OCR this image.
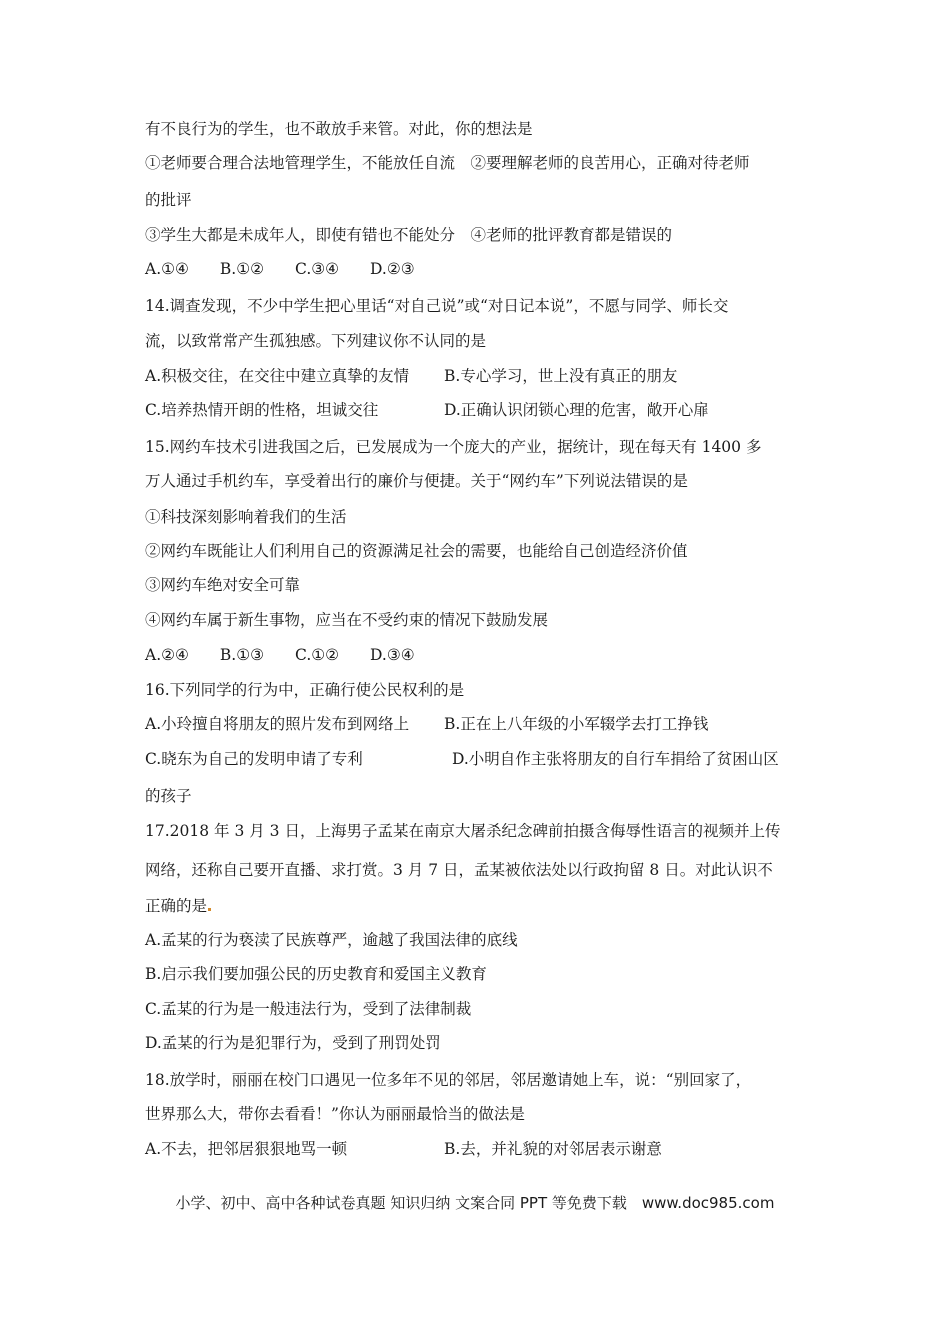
有不良行为的学生，也不敢放手来管。对此，你的想法是
①老师要合理合法地管理学生，不能放任自流　②要理解老师的良苦用心，正确对待老师
的批评
③学生大都是未成年人，即使有错也不能处分　④老师的批评教育都是错误的
A.①④　　B.①②　　C.③④　　D.②③
14.调查发现，不少中学生把心里话“对自己说”或“对日记本说”，不愿与同学、师长交
流，以致常常产生孤独感。下列建议你不认同的是
A.积极交往，在交往中建立真挚的友情 B.专心学习，世上没有真正的朋友
C.培养热情开朗的性格，坦诚交往	D.正确认识闭锁心理的危害，敞开心扉
15.网约车技术引进我国之后，已发展成为一个庞大的产业，据统计，现在每天有 1400 多
万人通过手机约车，享受着出行的廉价与便捷。关于“网约车”下列说法错误的是
①科技深刻影响着我们的生活
②网约车既能让人们利用自己的资源满足社会的需要，也能给自己创造经济价值
③网约车绝对安全可靠
④网约车属于新生事物，应当在不受约束的情况下鼓励发展
A.②④　　B.①③　　C.①②　　D.③④
16.下列同学的行为中，正确行使公民权利的是
A.小玲擅自将朋友的照片发布到网络上 B.正在上八年级的小军辍学去打工挣钱
C.晓东为自己的发明申请了专利	D.小明自作主张将朋友的自行车捐给了贫困山区
的孩子
17.2018 年 3 月 3 日，上海男子孟某在南京大屠杀纪念碑前拍摄含侮辱性语言的视频并上传
网络，还称自己要开直播、求打赏。3 月 7 日，孟某被依法处以行政拘留 8 日。对此认识不
正确的是
A.孟某的行为亵渎了民族尊严，逾越了我国法律的底线
B.启示我们要加强公民的历史教育和爱国主义教育
C.孟某的行为是一般违法行为，受到了法律制裁
D.孟某的行为是犯罪行为，受到了刑罚处罚
18.放学时，丽丽在校门口遇见一位多年不见的邻居，邻居邀请她上车，说：“别回家了，
世界那么大，带你去看看！”你认为丽丽最恰当的做法是
A.不去，把邻居狠狠地骂一顿	B.去，并礼貌的对邻居表示谢意
小学、初中、高中各种试卷真题 知识归纳 文案合同 PPT 等免费下载　www.doc985.com
